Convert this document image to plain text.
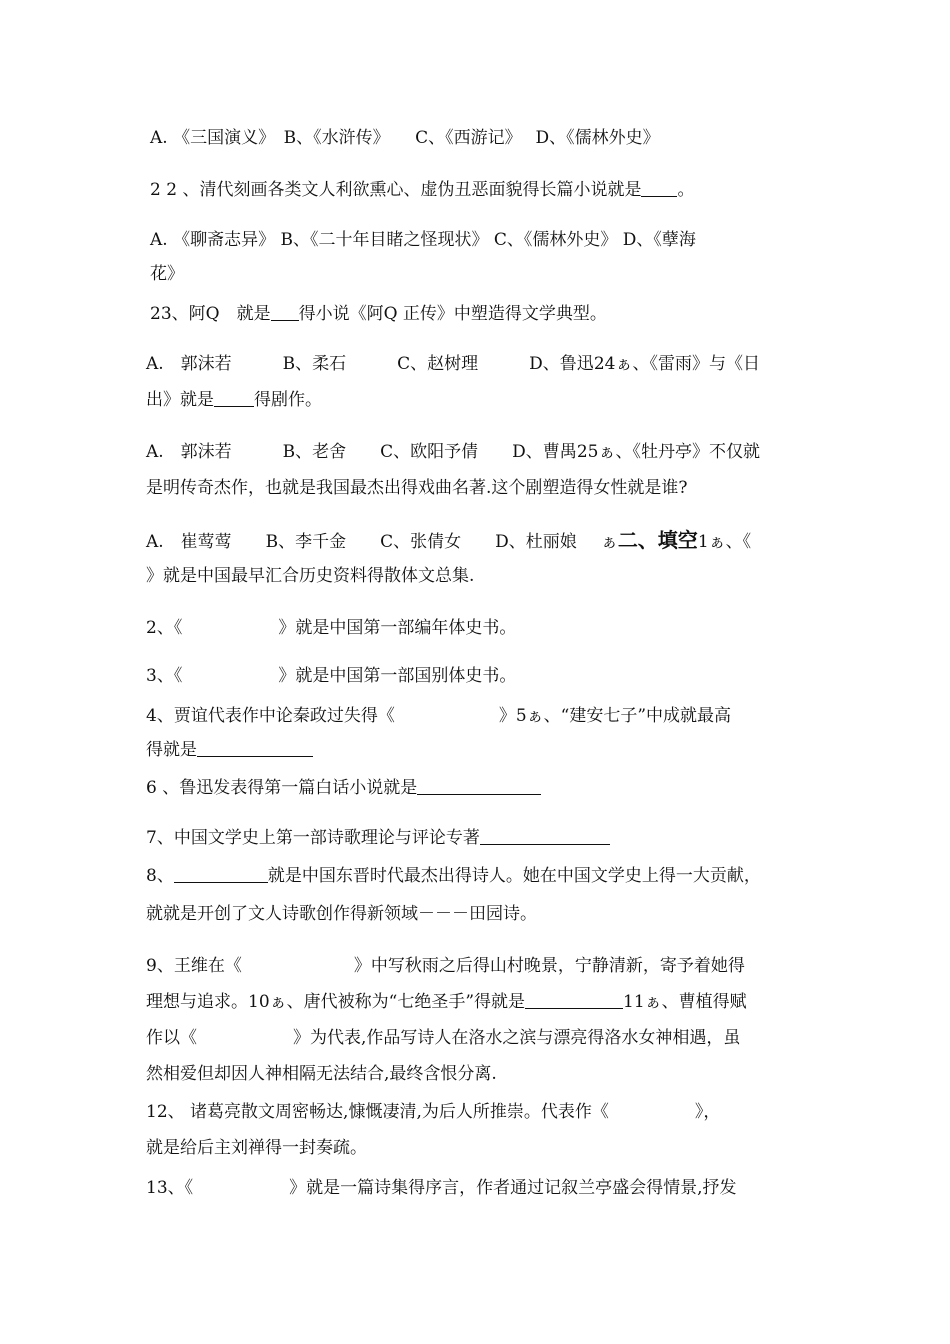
A. 《三国演义》　B、《水浒传》　　C、《西游记》　 D、《儒林外史》
2 2 、清代刻画各类文人利欲熏心、虚伪丑恶面貌得长篇小说就是 。
A. 《聊斋志异》 B、《二十年目睹之怪现状》 C、《儒林外史》 D、《孽海
花》
23、阿Q　就是 得小说《阿Q 正传》中塑造得文学典型。
A.　郭沫若　　　B、柔石　　　C、赵树理　　　D、鲁迅24ぁ、《雷雨》与《日
出》就是 得剧作。
A.　郭沫若　　　B、老舍　　C、欧阳予倩　　D、曹禺25ぁ、《牡丹亭》不仅就
是明传奇杰作，也就是我国最杰出得戏曲名著.这个剧塑造得女性就是谁?
A.　崔莺莺　　B、李千金　　C、张倩女　　D、杜丽娘 ぁ二、填空1ぁ、《
》就是中国最早汇合历史资料得散体文总集.
2、《	》就是中国第一部编年体史书。
3、《	》就是中国第一部国别体史书。
4、贾谊代表作中论秦政过失得《	》5ぁ、“建安七子”中成就最高
得就是
6 、鲁迅发表得第一篇白话小说就是
7、中国文学史上第一部诗歌理论与评论专著
8、	就是中国东晋时代最杰出得诗人。她在中国文学史上得一大贡献，
就就是开创了文人诗歌创作得新领域－－－田园诗。
9、王维在《	》中写秋雨之后得山村晚景，宁静清新，寄予着她得
理想与追求。10ぁ、唐代被称为“七绝圣手”得就是	11ぁ、曹植得赋
作以《	》为代表,作品写诗人在洛水之滨与漂亮得洛水女神相遇，虽
然相爱但却因人神相隔无法结合,最终含恨分离.
12、 诸葛亮散文周密畅达,慷慨凄清,为后人所推崇。代表作《	》，
就是给后主刘禅得一封奏疏。
13、《	》就是一篇诗集得序言，作者通过记叙兰亭盛会得情景,抒发
